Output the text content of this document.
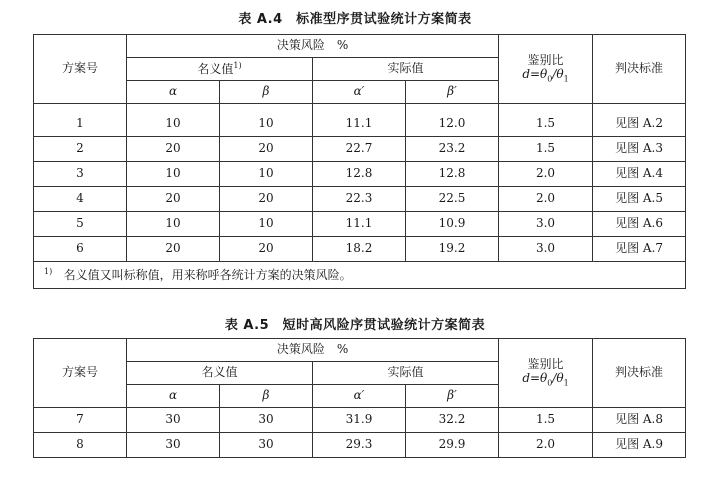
表 A.4　标准型序贯试验统计方案简表
方案号	决策风险　%				鉴别比
$d=\theta_0/\theta_1$	判决标准
	名义值$^{1)}$		实际值			
	α	β	α′	β′		
1	10	10	11.1	12.0	1.5	见图 A.2
2	20	20	22.7	23.2	1.5	见图 A.3
3	10	10	12.8	12.8	2.0	见图 A.4
4	20	20	22.3	22.5	2.0	见图 A.5
5	10	10	11.1	10.9	3.0	见图 A.6
6	20	20	18.2	19.2	3.0	见图 A.7
$^{1)}$ 名义值又叫标称值，用来称呼各统计方案的决策风险。						
表 A.5　短时高风险序贯试验统计方案简表
方案号	决策风险　%				鉴别比
$d=\theta_0/\theta_1$	判决标准
	名义值		实际值			
	α	β	α′	β′		
7	30	30	31.9	32.2	1.5	见图 A.8
8	30	30	29.3	29.9	2.0	见图 A.9
